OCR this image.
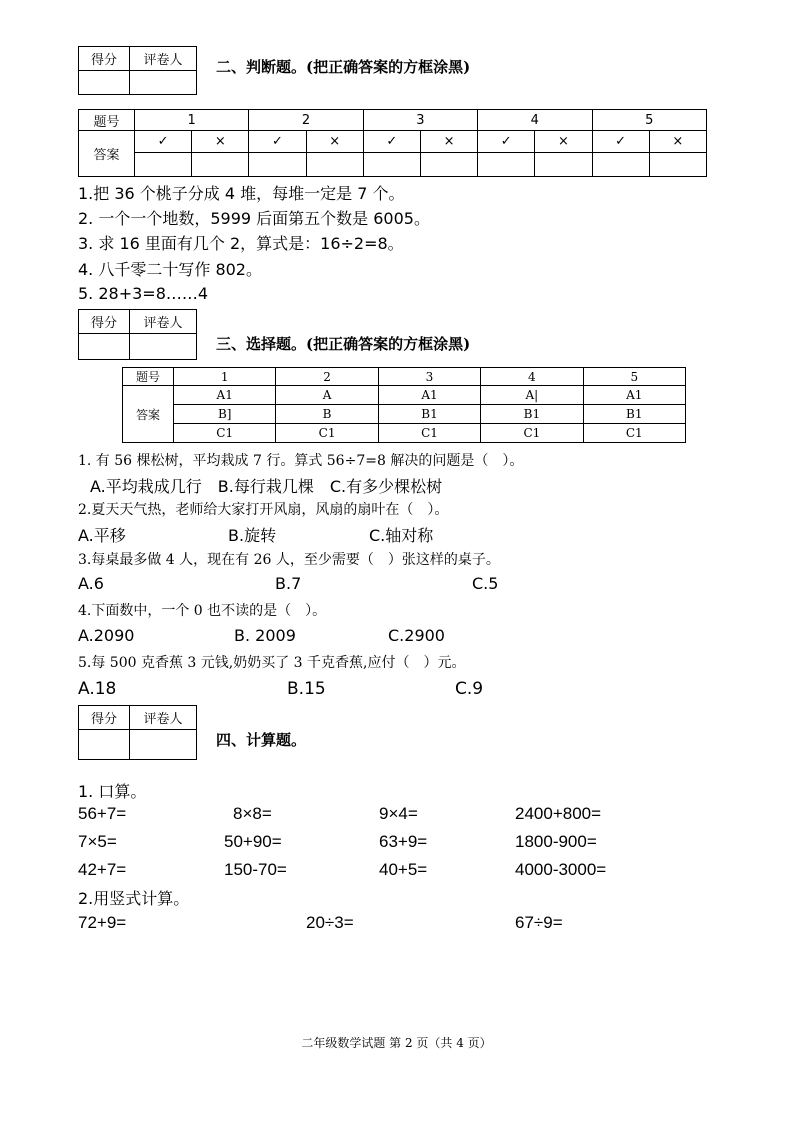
得分	评卷人
	二、判断题。(把正确答案的方框涂黑)
题号	1		2		3		4		5	
答案	✓	×	✓	×	✓	×	✓	×	✓	×

1.把 36 个桃子分成 4 堆，每堆一定是 7 个。
2. 一个一个地数，5999 后面第五个数是 6005。
3. 求 16 里面有几个 2，算式是：16÷2=8。
4. 八千零二十写作 802。
5. 28+3=8……4
得分	评卷人

三、选择题。(把正确答案的方框涂黑)
题号	1	2	3	4	5
答案	A1	A	A1	A|	A1
	B]	B	B1	B1	B1
	C1	C1	C1	C1	C1
1. 有 56 棵松树，平均栽成 7 行。算式 56÷7=8 解决的问题是（　）。
A.平均栽成几行　B.每行栽几棵　C.有多少棵松树
2.夏天天气热，老师给大家打开风扇，风扇的扇叶在（　）。
A.平移	B.旋转	C.轴对称
3.每桌最多做 4 人，现在有 26 人，至少需要（　）张这样的桌子。
A.6	B.7	C.5
4.下面数中，一个 0 也不读的是（　）。
A.2090	B. 2009	C.2900
5.每 500 克香蕉 3 元钱,奶奶买了 3 千克香蕉,应付（　）元。
A.18	B.15	C.9
得分	评卷人

四、计算题。
1. 口算。
56+7=	8×8=	9×4=	2400+800=
7×5=	50+90=	63+9=	1800-900=
42+7=	150-70=	40+5=	4000-3000=
2.用竖式计算。
72+9=	20÷3=	67÷9=
二年级数学试题 第 2 页（共 4 页）
